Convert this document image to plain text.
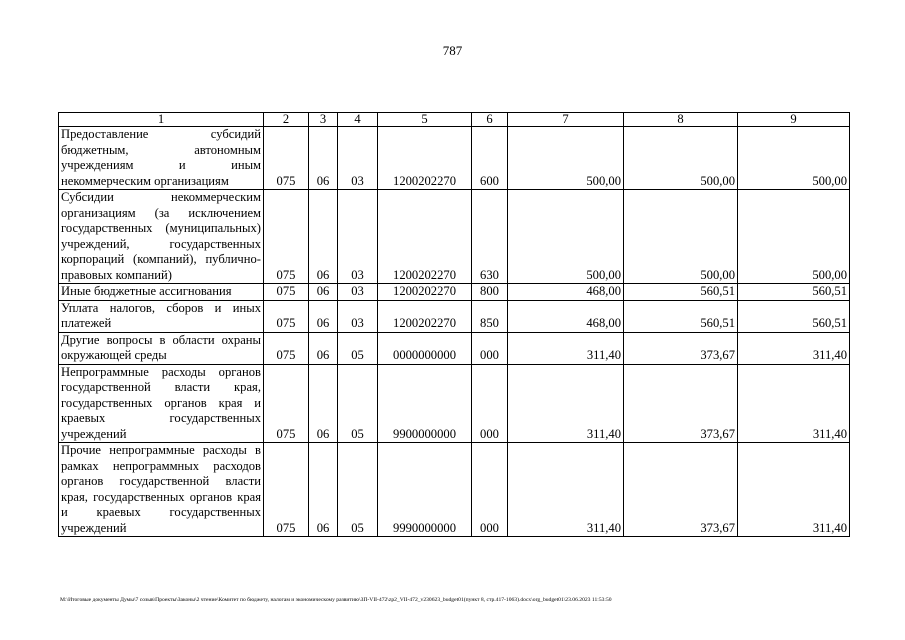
787
1	2	3	4	5	6	7	8	9
Предоставление субсидий бюджетным, автономным учреждениям и иным некоммерческим организациям	075	06	03	1200202270	600	500,00	500,00	500,00
Субсидии некоммерческим организациям (за исключением государственных (муниципальных) учреждений, государственных корпораций (компаний), публично-правовых компаний)	075	06	03	1200202270	630	500,00	500,00	500,00
Иные бюджетные ассигнования	075	06	03	1200202270	800	468,00	560,51	560,51
Уплата налогов, сборов и иных платежей	075	06	03	1200202270	850	468,00	560,51	560,51
Другие вопросы в области охраны окружающей среды	075	06	05	0000000000	000	311,40	373,67	311,40
Непрограммные расходы органов государственной власти края, государственных органов края и краевых государственных учреждений	075	06	05	9900000000	000	311,40	373,67	311,40
Прочие непрограммные расходы в рамках непрограммных расходов органов государственной власти края, государственных органов края и краевых государственных учреждений	075	06	05	9990000000	000	311,40	373,67	311,40
M:\Итоговые документы Думы\7 созыв\Проекты\Законы\2 чтение\Комитет по бюджету, налогам и экономическому развитию\ЗП-VII-472\zp2_VII-472_v230623_budget01(пункт 8, стр.417-1063).docx\org_budget01\23.06.2023 11:53:50
